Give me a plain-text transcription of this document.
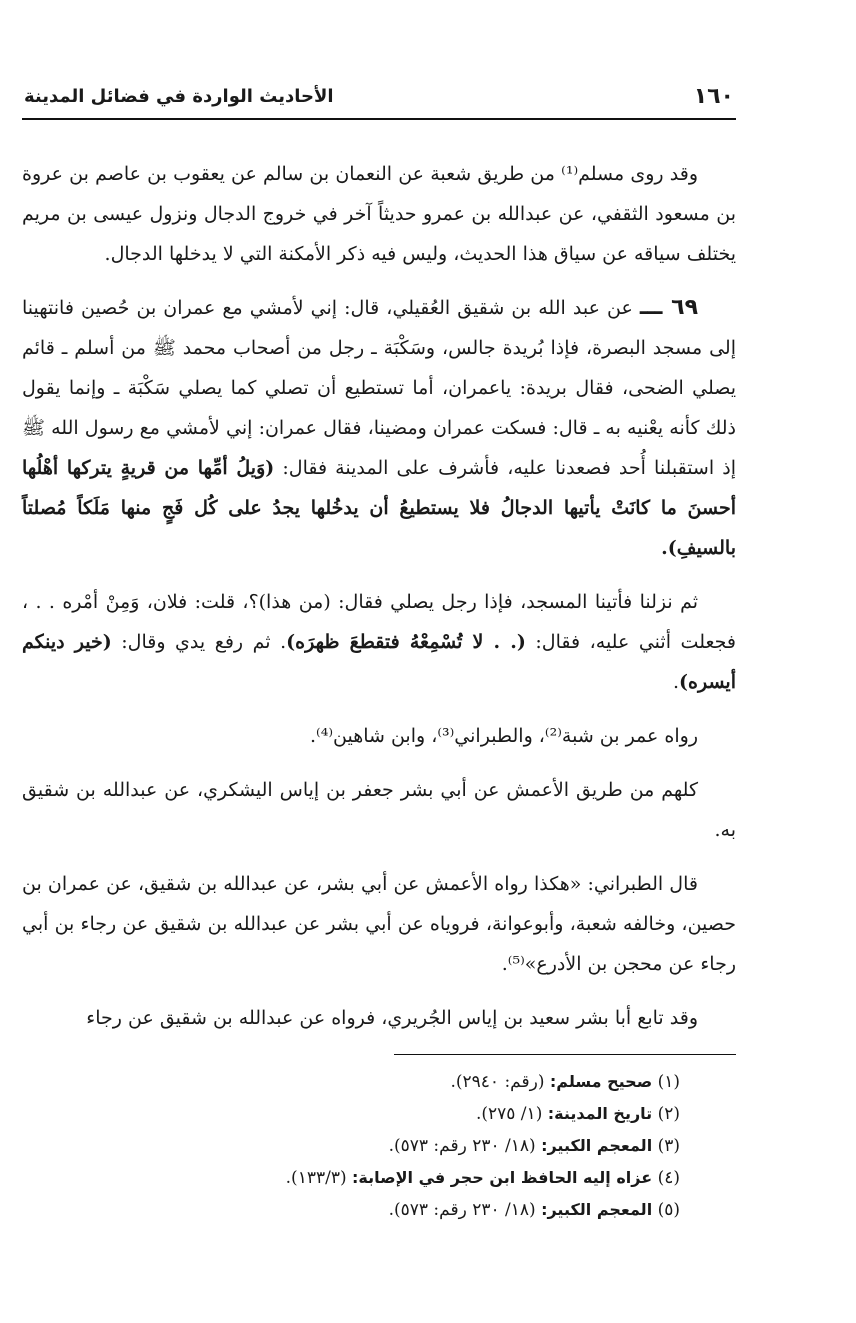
١٦٠
الأحاديث الواردة في فضائل المدينة

وقد روى مسلم⁽¹⁾ من طريق شعبة عن النعمان بن سالم عن يعقوب بن عاصم بن عروة بن مسعود الثقفي، عن عبدالله بن عمرو حديثاً آخر في خروج الدجال ونزول عيسى بن مريم يختلف سياقه عن سياق هذا الحديث، وليس فيه ذكر الأمكنة التي لا يدخلها الدجال.

٦٩ ـــ عن عبد الله بن شقيق العُقيلي، قال: إني لأمشي مع عمران بن حُصين فانتهينا إلى مسجد البصرة، فإذا بُريدة جالس، وسَكْبَة ـ رجل من أصحاب محمد ﷺ من أسلم ـ قائم يصلي الضحى، فقال بريدة: ياعمران، أما تستطيع أن تصلي كما يصلي سَكْبَة ـ وإنما يقول ذلك كأنه يعْنيه به ـ قال: فسكت عمران ومضينا، فقال عمران: إني لأمشي مع رسول الله ﷺ إذ استقبلنا أُحد فصعدنا عليه، فأشرف على المدينة فقال: (وَيلُ أمِّها من قريةٍ يتركها أهْلُها أحسنَ ما كانَتْ يأتيها الدجالُ فلا يستطيعُ أن يدخُلها يجدُ على كُل فَجٍ منها مَلَكاً مُصلتاً بالسيفِ).

ثم نزلنا فأتينا المسجد، فإذا رجل يصلي فقال: (من هذا)؟، قلت: فلان، وَمِنْ أمْره . . ، فجعلت أثني عليه، فقال: (. . لا تُسْمِعْهُ فتقطعَ ظهرَه). ثم رفع يدي وقال: (خير دينكم أيسره).

رواه عمر بن شبة⁽²⁾، والطبراني⁽³⁾، وابن شاهين⁽⁴⁾.

كلهم من طريق الأعمش عن أبي بشر جعفر بن إياس اليشكري، عن عبدالله بن شقيق به.

قال الطبراني: «هكذا رواه الأعمش عن أبي بشر، عن عبدالله بن شقيق، عن عمران بن حصين، وخالفه شعبة، وأبوعوانة، فروياه عن أبي بشر عن عبدالله بن شقيق عن رجاء بن أبي رجاء عن محجن بن الأدرع»⁽⁵⁾.

وقد تابع أبا بشر سعيد بن إياس الجُريري، فرواه عن عبدالله بن شقيق عن رجاء

(١) صحيح مسلم: (رقم: ٢٩٤٠).

(٢) تاريخ المدينة: (١/ ٢٧٥).

(٣) المعجم الكبير: (١٨/ ٢٣٠ رقم: ٥٧٣).

(٤) عزاه إليه الحافظ ابن حجر في الإصابة: (١٣٣/٣).

(٥) المعجم الكبير: (١٨/ ٢٣٠ رقم: ٥٧٣).
